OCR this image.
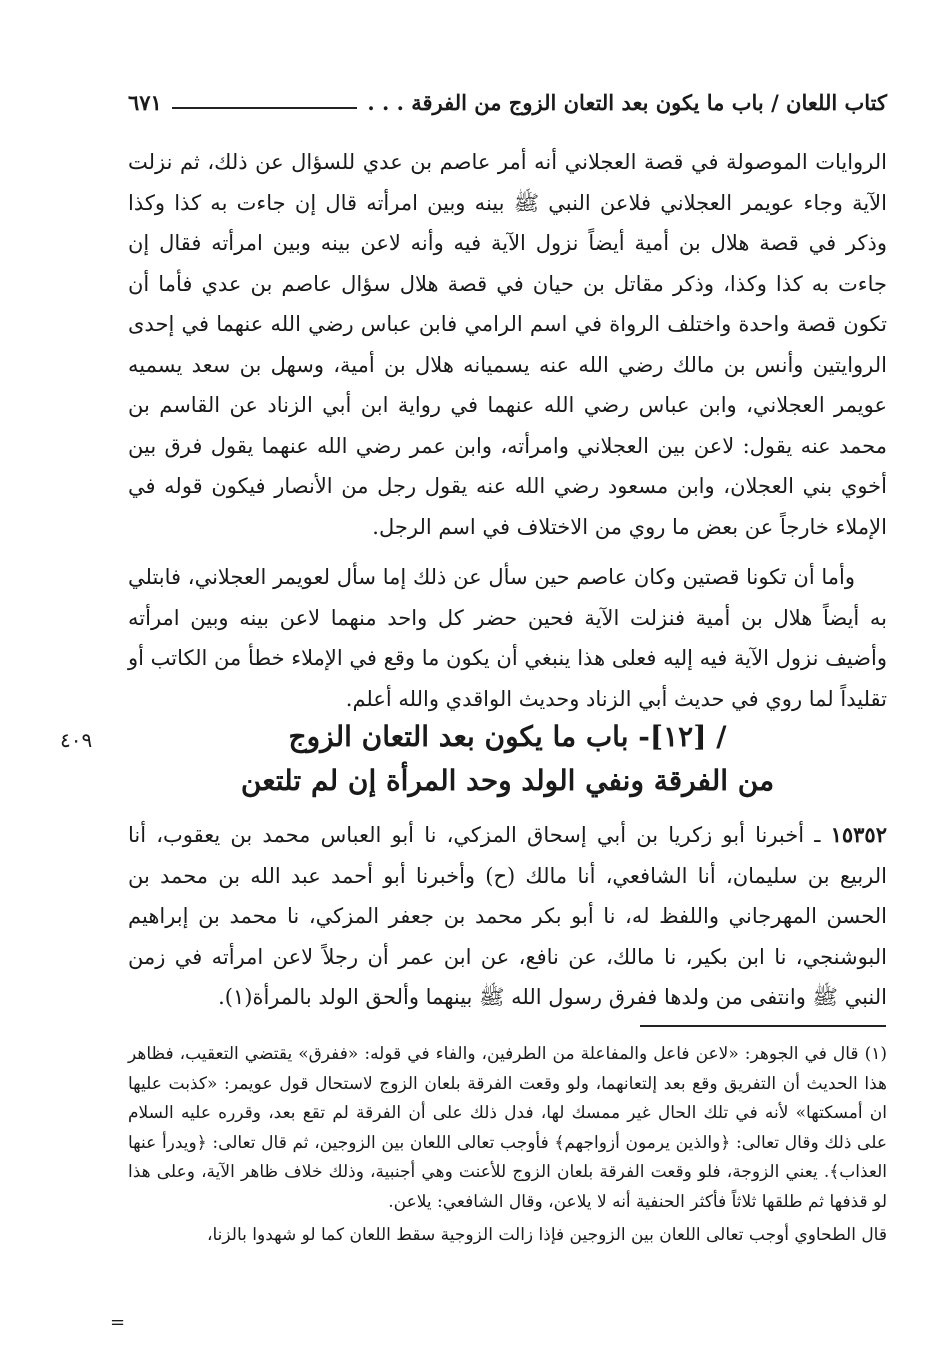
كتاب اللعان / باب ما يكون بعد التعان الزوج من الفرقة . . .
٦٧١

الروايات الموصولة في قصة العجلاني أنه أمر عاصم بن عدي للسؤال عن ذلك، ثم نزلت الآية وجاء عويمر العجلاني فلاعن النبي ﷺ بينه وبين امرأته قال إن جاءت به كذا وكذا وذكر في قصة هلال بن أمية أيضاً نزول الآية فيه وأنه لاعن بينه وبين امرأته فقال إن جاءت به كذا وكذا، وذكر مقاتل بن حيان في قصة هلال سؤال عاصم بن عدي فأما أن تكون قصة واحدة واختلف الرواة في اسم الرامي فابن عباس رضي الله عنهما في إحدى الروايتين وأنس بن مالك رضي الله عنه يسميانه هلال بن أمية، وسهل بن سعد يسميه عويمر العجلاني، وابن عباس رضي الله عنهما في رواية ابن أبي الزناد عن القاسم بن محمد عنه يقول: لاعن بين العجلاني وامرأته، وابن عمر رضي الله عنهما يقول فرق بين أخوي بني العجلان، وابن مسعود رضي الله عنه يقول رجل من الأنصار فيكون قوله في الإملاء خارجاً عن بعض ما روي من الاختلاف في اسم الرجل.

وأما أن تكونا قصتين وكان عاصم حين سأل عن ذلك إما سأل لعويمر العجلاني، فابتلي به أيضاً هلال بن أمية فنزلت الآية فحين حضر كل واحد منهما لاعن بينه وبين امرأته وأضيف نزول الآية فيه إليه فعلى هذا ينبغي أن يكون ما وقع في الإملاء خطأ من الكاتب أو تقليداً لما روي في حديث أبي الزناد وحديث الواقدي والله أعلم.

/ [١٢]- باب ما يكون بعد التعان الزوج
من الفرقة ونفي الولد وحد المرأة إن لم تلتعن
٤٠٩
١٥٣٥٢ ـ أخبرنا أبو زكريا بن أبي إسحاق المزكي، نا أبو العباس محمد بن يعقوب، أنا الربيع بن سليمان، أنا الشافعي، أنا مالك (ح) وأخبرنا أبو أحمد عبد الله بن محمد بن الحسن المهرجاني واللفظ له، نا أبو بكر محمد بن جعفر المزكي، نا محمد بن إبراهيم البوشنجي، نا ابن بكير، نا مالك، عن نافع، عن ابن عمر أن رجلاً لاعن امرأته في زمن النبي ﷺ وانتفى من ولدها ففرق رسول الله ﷺ بينهما وألحق الولد بالمرأة(١).

(١) قال في الجوهر: «لاعن فاعل والمفاعلة من الطرفين، والفاء في قوله: «ففرق» يقتضي التعقيب، فظاهر هذا الحديث أن التفريق وقع بعد إلتعانهما، ولو وقعت الفرقة بلعان الزوج لاستحال قول عويمر: «كذبت عليها ان أمسكتها» لأنه في تلك الحال غير ممسك لها، فدل ذلك على أن الفرقة لم تقع بعد، وقرره عليه السلام على ذلك وقال تعالى: ﴿والذين يرمون أزواجهم﴾ فأوجب تعالى اللعان بين الزوجين، ثم قال تعالى: ﴿ويدرأ عنها العذاب﴾. يعني الزوجة، فلو وقعت الفرقة بلعان الزوج للأعنت وهي أجنبية، وذلك خلاف ظاهر الآية، وعلى هذا لو قذفها ثم طلقها ثلاثاً فأكثر الحنفية أنه لا يلاعن، وقال الشافعي: يلاعن.

قال الطحاوي أوجب تعالى اللعان بين الزوجين فإذا زالت الزوجية سقط اللعان كما لو شهدوا بالزنا،

=
